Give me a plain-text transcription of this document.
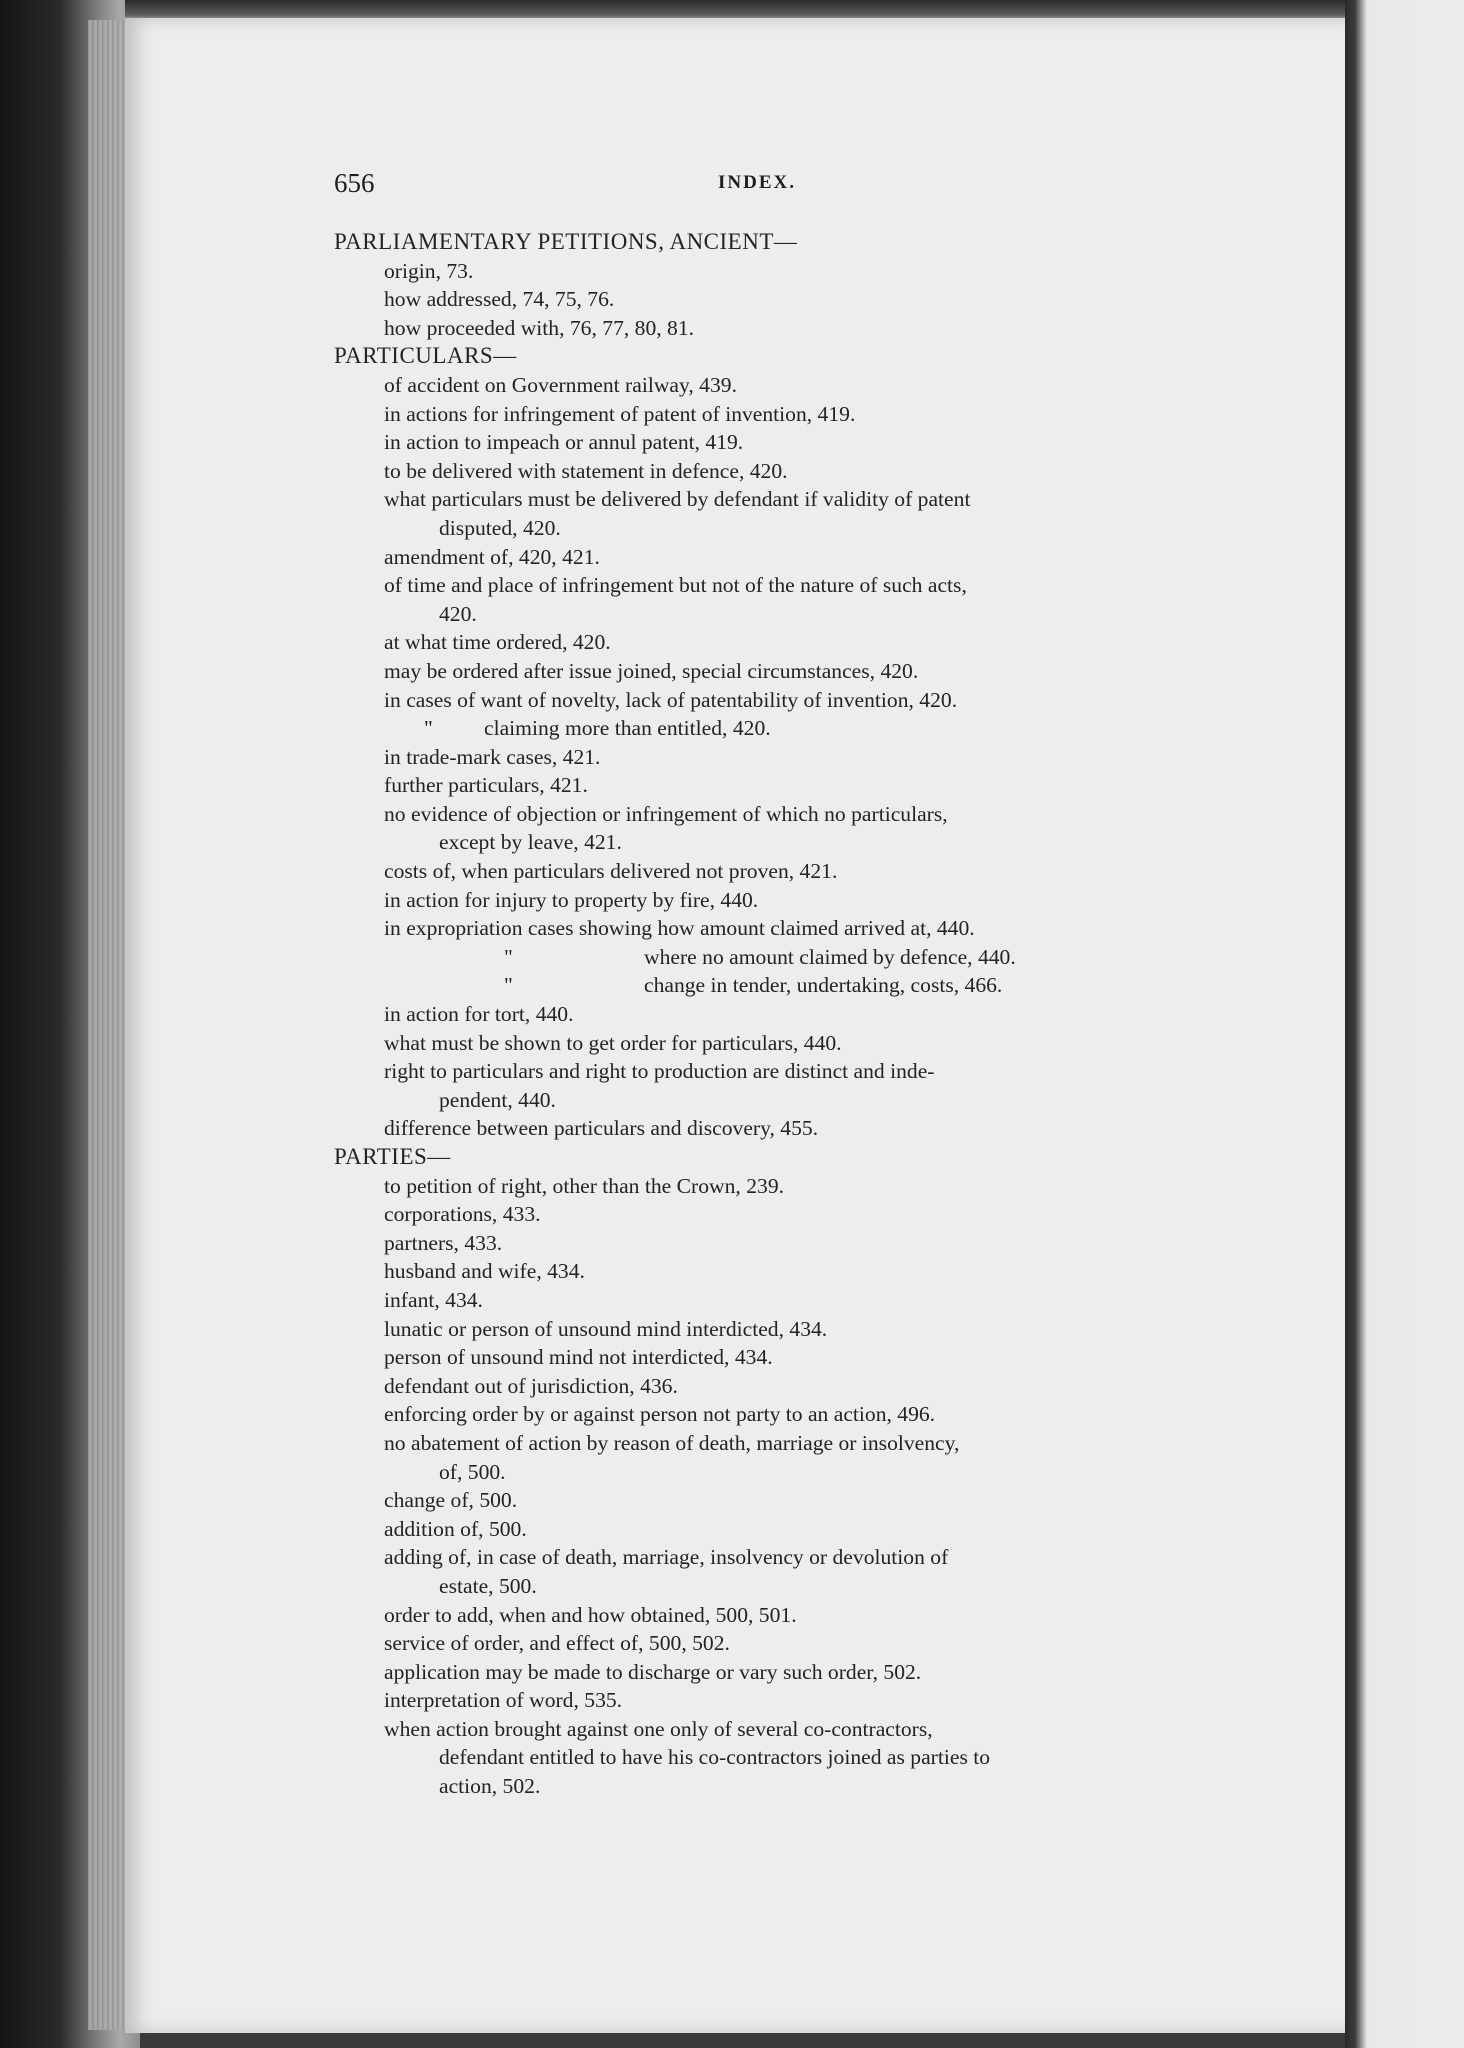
656	INDEX.

PARLIAMENTARY PETITIONS, ANCIENT—

origin, 73.

how addressed, 74, 75, 76.

how proceeded with, 76, 77, 80, 81.

PARTICULARS—

of accident on Government railway, 439.

in actions for infringement of patent of invention, 419.

in action to impeach or annul patent, 419.

to be delivered with statement in defence, 420.

what particulars must be delivered by defendant if validity of patent

disputed, 420.

amendment of, 420, 421.

of time and place of infringement but not of the nature of such acts,

420.

at what time ordered, 420.

may be ordered after issue joined, special circumstances, 420.

in cases of want of novelty, lack of patentability of invention, 420.

" claiming more than entitled, 420.

in trade-mark cases, 421.

further particulars, 421.

no evidence of objection or infringement of which no particulars,

except by leave, 421.

costs of, when particulars delivered not proven, 421.

in action for injury to property by fire, 440.

in expropriation cases showing how amount claimed arrived at, 440.

"	where no amount claimed by defence, 440.

"	change in tender, undertaking, costs, 466.

in action for tort, 440.

what must be shown to get order for particulars, 440.

right to particulars and right to production are distinct and inde-

pendent, 440.

difference between particulars and discovery, 455.

PARTIES—

to petition of right, other than the Crown, 239.

corporations, 433.

partners, 433.

husband and wife, 434.

infant, 434.

lunatic or person of unsound mind interdicted, 434.

person of unsound mind not interdicted, 434.

defendant out of jurisdiction, 436.

enforcing order by or against person not party to an action, 496.

no abatement of action by reason of death, marriage or insolvency,

of, 500.

change of, 500.

addition of, 500.

adding of, in case of death, marriage, insolvency or devolution of

estate, 500.

order to add, when and how obtained, 500, 501.

service of order, and effect of, 500, 502.

application may be made to discharge or vary such order, 502.

interpretation of word, 535.

when action brought against one only of several co-contractors,

defendant entitled to have his co-contractors joined as parties to

action, 502.
